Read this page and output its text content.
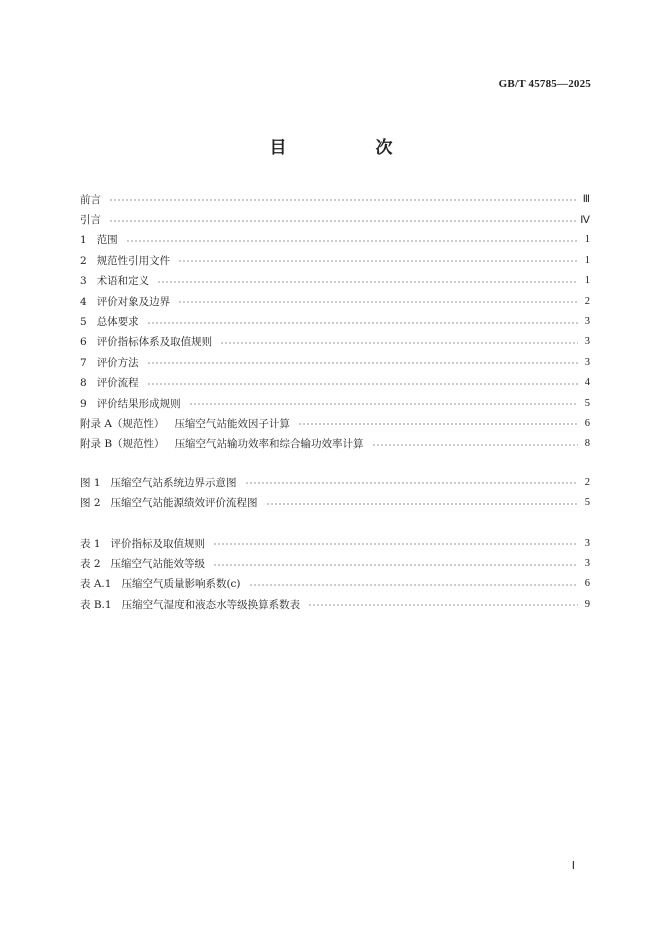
GB/T 45785—2025
目　次
前言	Ⅲ
引言	Ⅳ
1 范围	1
2 规范性引用文件	1
3 术语和定义	1
4 评价对象及边界	2
5 总体要求	3
6 评价指标体系及取值规则	3
7 评价方法	3
8 评价流程	4
9 评价结果形成规则	5
附录 A（规范性） 压缩空气站能效因子计算	6
附录 B（规范性） 压缩空气站输功效率和综合输功效率计算	8
图 1 压缩空气站系统边界示意图	2
图 2 压缩空气站能源绩效评价流程图	5
表 1 评价指标及取值规则	3
表 2 压缩空气站能效等级	3
表 A.1 压缩空气质量影响系数(c)	6
表 B.1 压缩空气湿度和液态水等级换算系数表	9
Ⅰ
